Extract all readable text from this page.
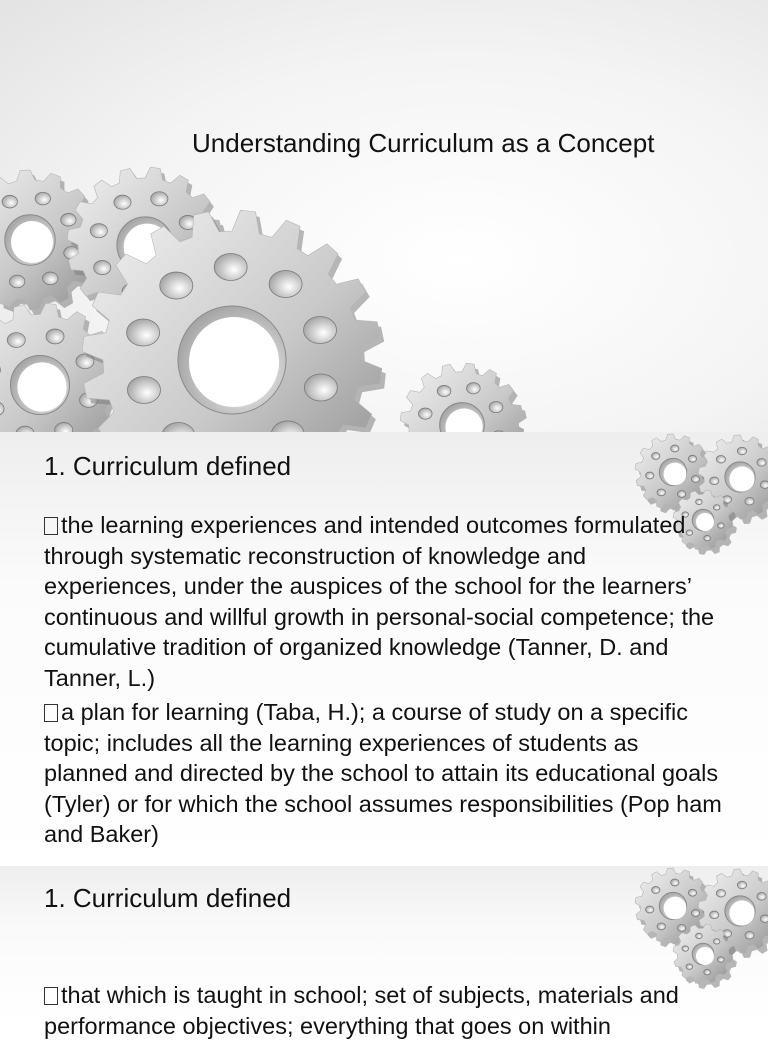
Understanding Curriculum as a Concept
1. Curriculum defined

the learning experiences and intended outcomes formulated through systematic reconstruction of knowledge and experiences, under the auspices of the school for the learners’ continuous and willful growth in personal-social competence; the cumulative tradition of organized knowledge (Tanner, D. and Tanner, L.)

a plan for learning (Taba, H.); a course of study on a specific topic; includes all the learning experiences of students as planned and directed by the school to attain its educational goals (Tyler) or for which the school assumes responsibilities (Pop ham and Baker)

1. Curriculum defined

that which is taught in school; set of subjects, materials and performance objectives; everything that goes on within
